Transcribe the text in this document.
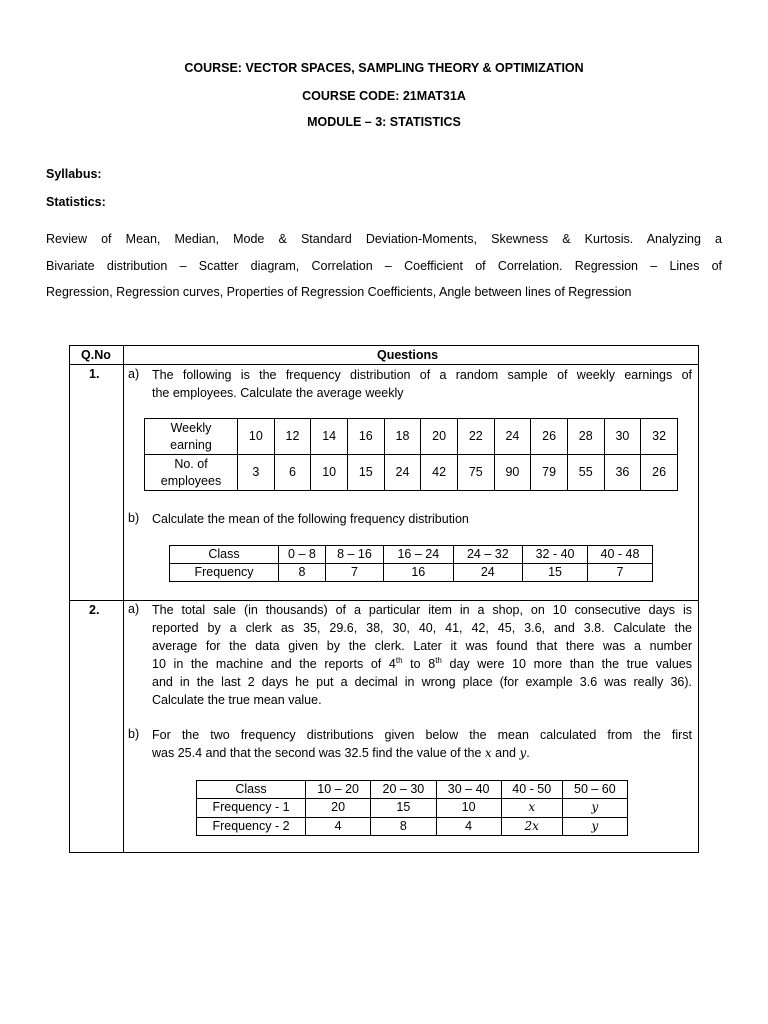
COURSE: VECTOR SPACES, SAMPLING THEORY & OPTIMIZATION
COURSE CODE: 21MAT31A
MODULE – 3: STATISTICS
Syllabus:
Statistics:
Review of Mean, Median, Mode & Standard Deviation-Moments, Skewness & Kurtosis. Analyzing a
Bivariate distribution – Scatter diagram, Correlation – Coefficient of Correlation. Regression – Lines of
Regression, Regression curves, Properties of Regression Coefficients, Angle between lines of Regression
Q.No	Questions
1. a) The following is the frequency distribution of a random sample of weekly earnings of
the employees. Calculate the average weekly
Weekly
earning	10	12	14	16	18	20	22	24	26	28	30	32
No. of
employees	3	6	10	15	24	42	75	90	79	55	36	26
b) Calculate the mean of the following frequency distribution
Class	0 – 8	8 – 16	16 – 24	24 – 32	32 - 40	40 - 48
Frequency	8	7	16	24	15	7
2. a) The total sale (in thousands) of a particular item in a shop, on 10 consecutive days is
reported by a clerk as 35, 29.6, 38, 30, 40, 41, 42, 45, 3.6, and 3.8. Calculate the
average for the data given by the clerk. Later it was found that there was a number
10 in the machine and the reports of 4th to 8th day were 10 more than the true values
and in the last 2 days he put a decimal in wrong place (for example 3.6 was really 36).
Calculate the true mean value.
b) For the two frequency distributions given below the mean calculated from the first
was 25.4 and that the second was 32.5 find the value of the x and y.
Class	10 – 20	20 – 30	30 – 40	40 - 50	50 – 60
Frequency - 1	20	15	10	x	y
Frequency - 2	4	8	4	2x	y
